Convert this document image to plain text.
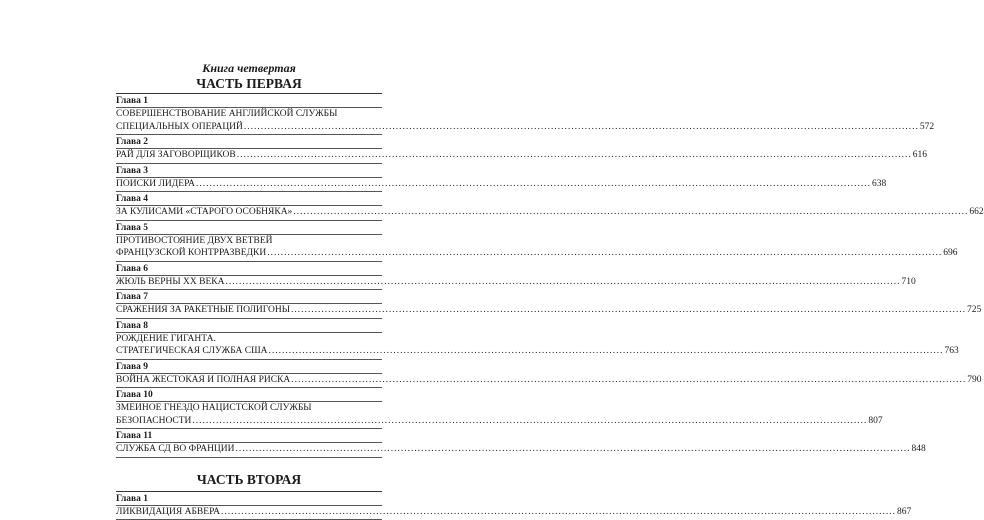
Книга четвертая
ЧАСТЬ ПЕРВАЯ
Глава 1
СОВЕРШЕНСТВОВАНИЕ АНГЛИЙСКОЙ СЛУЖБЫ
СПЕЦИАЛЬНЫХ ОПЕРАЦИЙ ........................................................................................................................................................................................................ 572
Глава 2
РАЙ ДЛЯ ЗАГОВОРЩИКОВ ........................................................................................................................................................................................................ 616
Глава 3
ПОИСКИ ЛИДЕРА ........................................................................................................................................................................................................ 638
Глава 4
ЗА КУЛИСАМИ «СТАРОГО ОСОБНЯКА» ........................................................................................................................................................................................................ 662
Глава 5
ПРОТИВОСТОЯНИЕ ДВУХ ВЕТВЕЙ
ФРАНЦУЗСКОЙ КОНТРРАЗВЕДКИ ........................................................................................................................................................................................................ 696
Глава 6
ЖЮЛЬ ВЕРНЫ XX ВЕКА ........................................................................................................................................................................................................ 710
Глава 7
СРАЖЕНИЯ ЗА РАКЕТНЫЕ ПОЛИГОНЫ ........................................................................................................................................................................................................ 725
Глава 8
РОЖДЕНИЕ ГИГАНТА.
СТРАТЕГИЧЕСКАЯ СЛУЖБА США ........................................................................................................................................................................................................ 763
Глава 9
ВОЙНА ЖЕСТОКАЯ И ПОЛНАЯ РИСКА ........................................................................................................................................................................................................ 790
Глава 10
ЗМЕИНОЕ ГНЕЗДО НАЦИСТСКОЙ СЛУЖБЫ
БЕЗОПАСНОСТИ ........................................................................................................................................................................................................ 807
Глава 11
СЛУЖБА СД ВО ФРАНЦИИ ........................................................................................................................................................................................................ 848
ЧАСТЬ ВТОРАЯ
Глава 1
ЛИКВИДАЦИЯ АБВЕРА ........................................................................................................................................................................................................ 867
